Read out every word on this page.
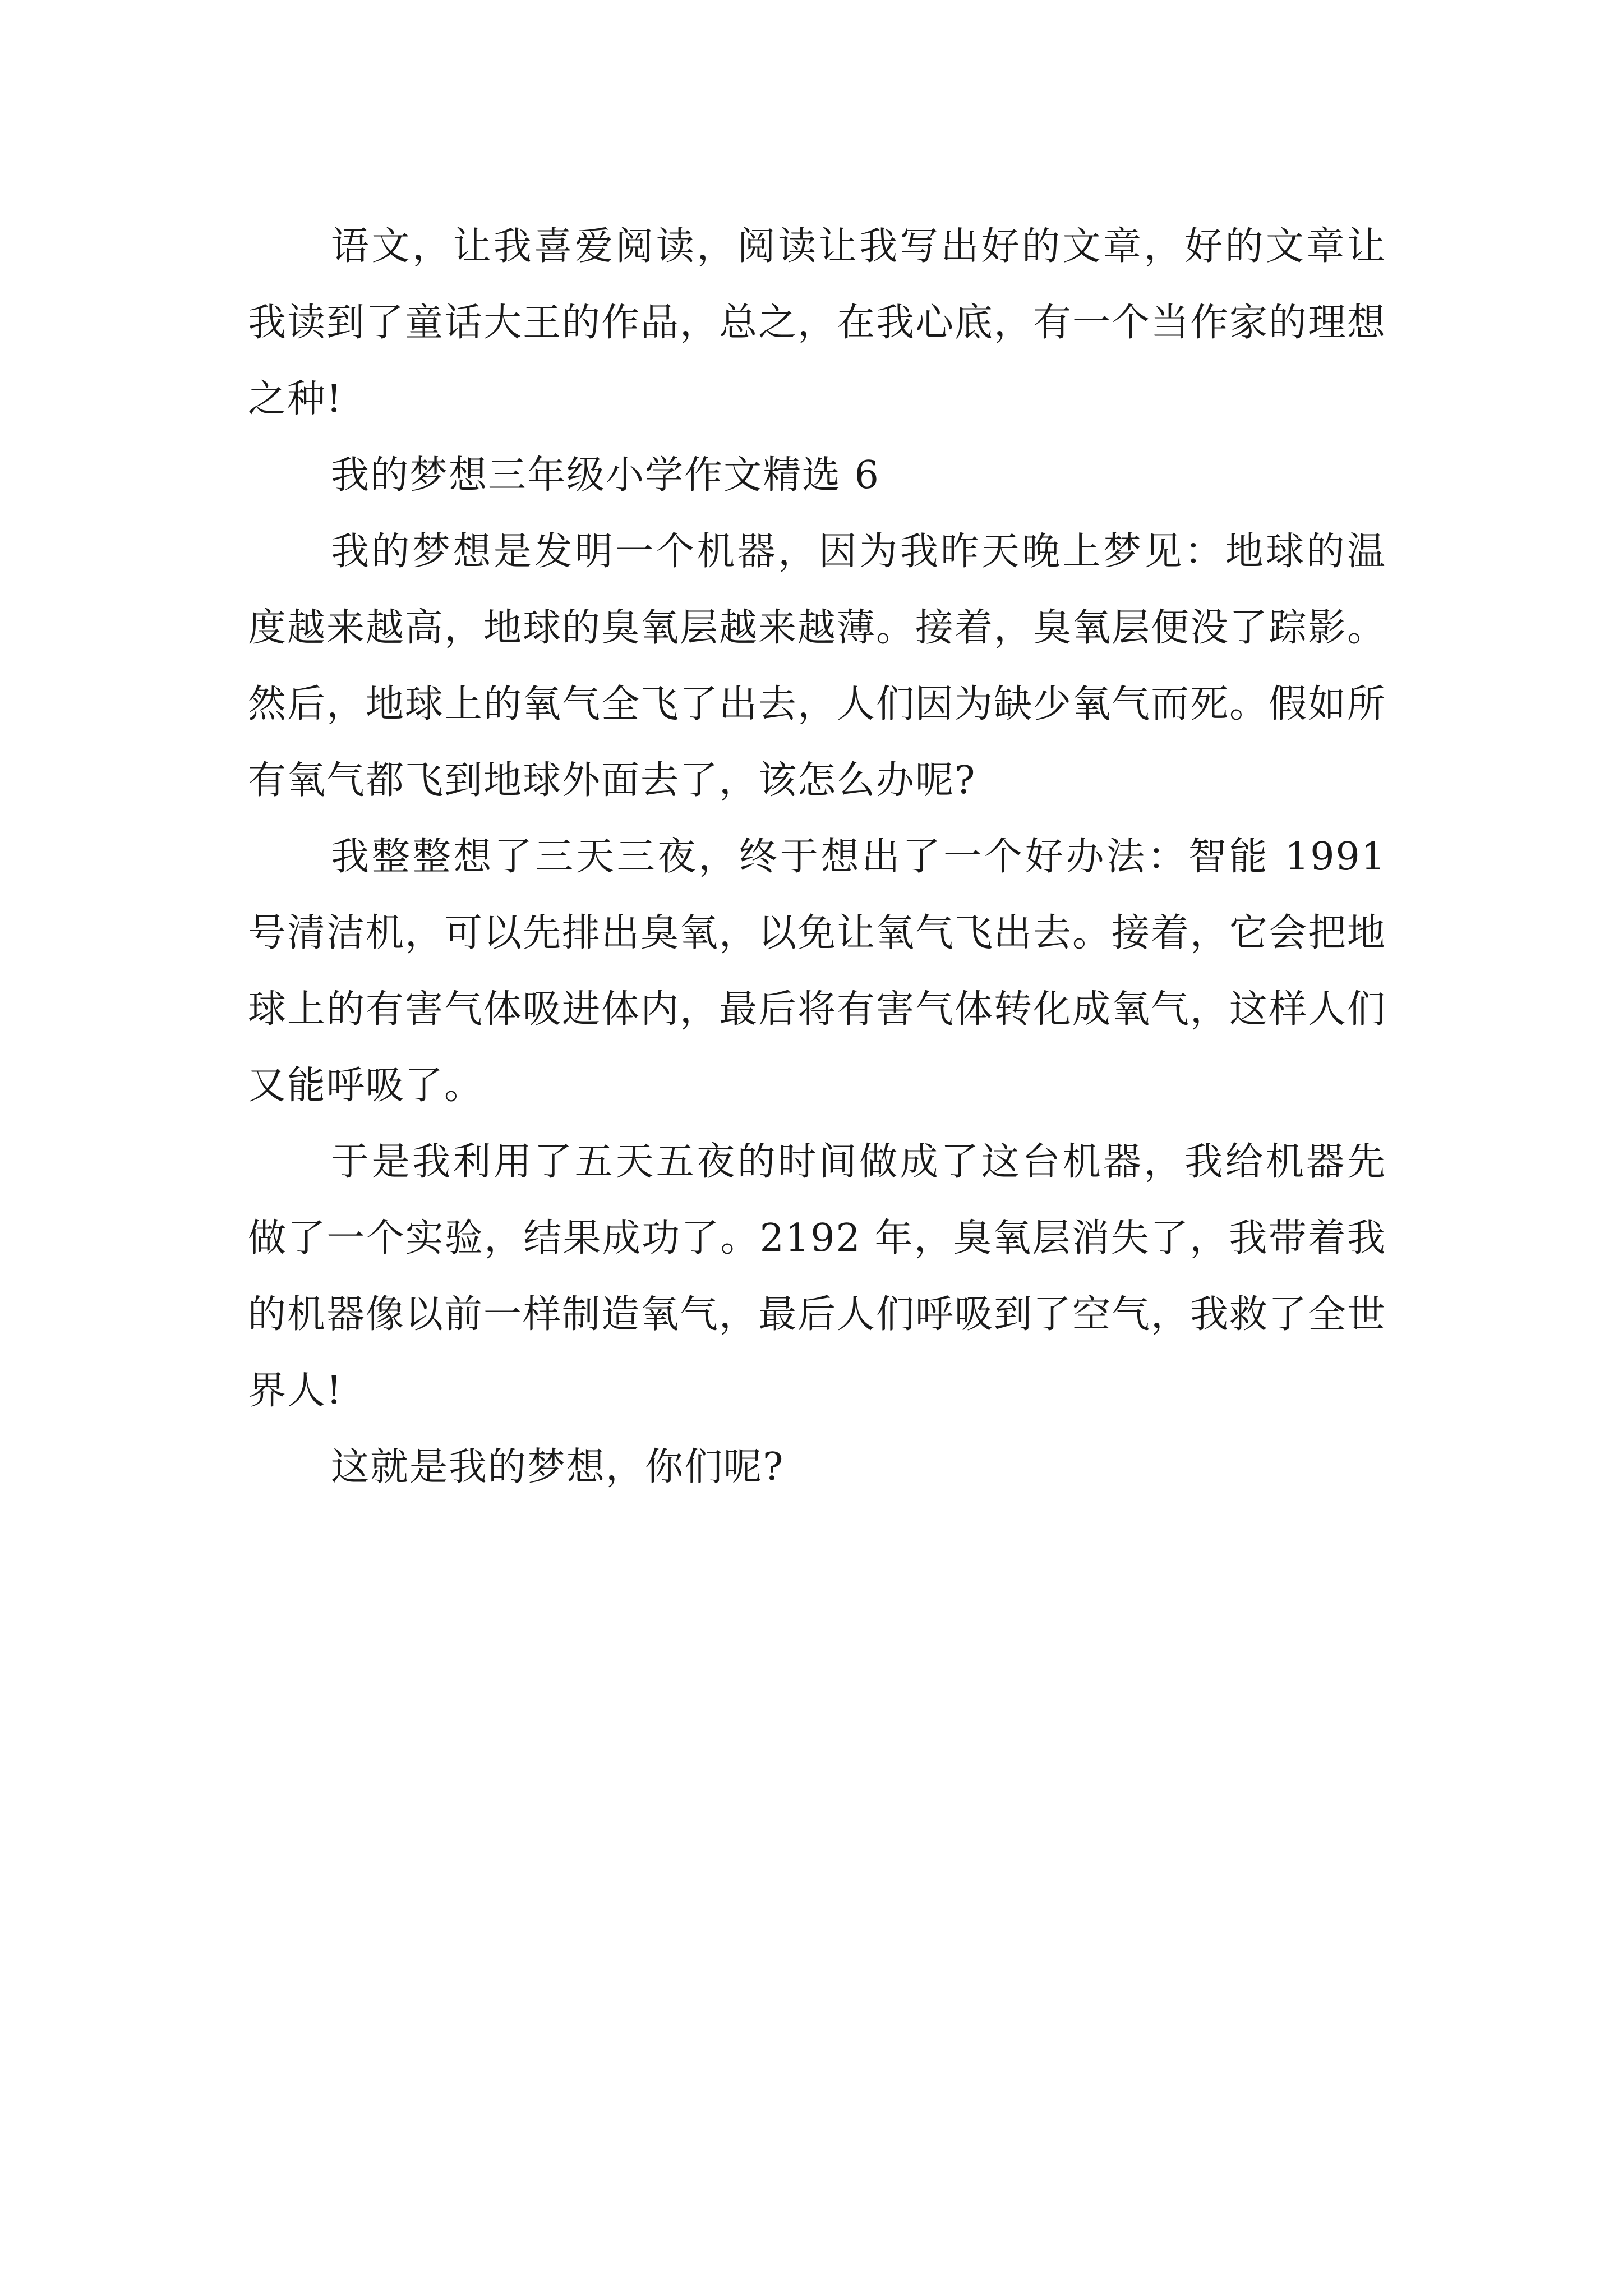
语文，让我喜爱阅读，阅读让我写出好的文章，好的文章让我读到了童话大王的作品，总之，在我心底，有一个当作家的理想之种!

我的梦想三年级小学作文精选 6

我的梦想是发明一个机器，因为我昨天晚上梦见：地球的温度越来越高，地球的臭氧层越来越薄。接着，臭氧层便没了踪影。然后，地球上的氧气全飞了出去，人们因为缺少氧气而死。假如所有氧气都飞到地球外面去了，该怎么办呢?

我整整想了三天三夜，终于想出了一个好办法：智能 1991 号清洁机，可以先排出臭氧，以免让氧气飞出去。接着，它会把地球上的有害气体吸进体内，最后将有害气体转化成氧气，这样人们又能呼吸了。

于是我利用了五天五夜的时间做成了这台机器，我给机器先做了一个实验，结果成功了。2192 年，臭氧层消失了，我带着我的机器像以前一样制造氧气，最后人们呼吸到了空气，我救了全世界人!

这就是我的梦想，你们呢?
